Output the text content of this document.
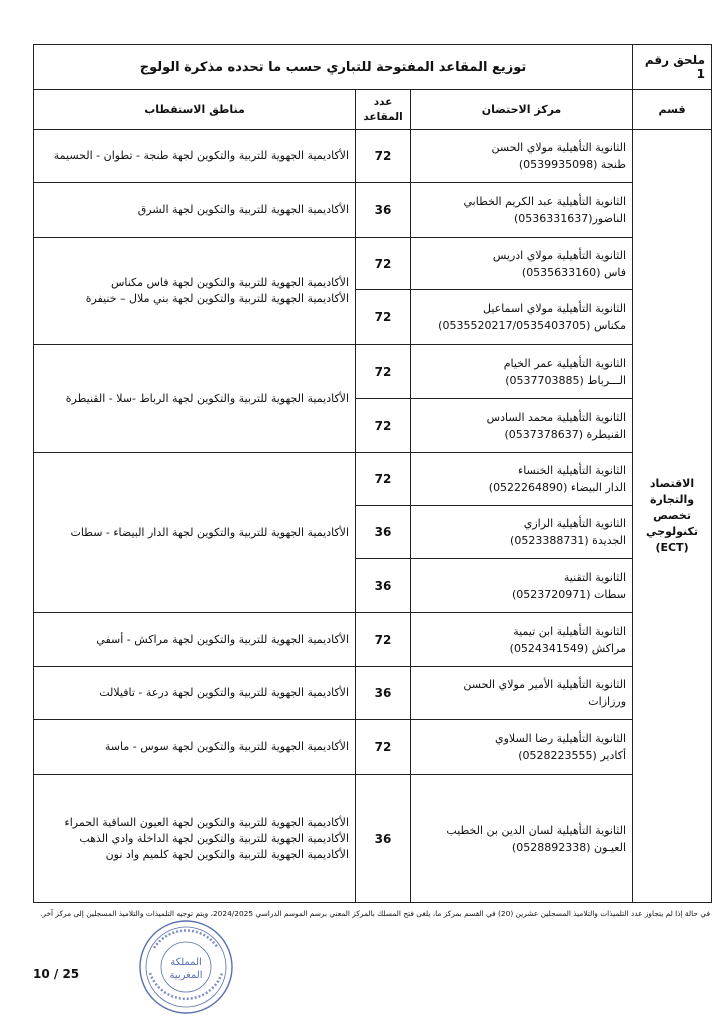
ملحق رقم 1	توزيع المقاعد المفتوحة للتباري حسب ما تحدده مذكرة الولوج		
قسم	مركز الاحتضان	عدد
المقاعد	مناطق الاستقطاب

الاقتصاد
والتجارة
تخصص
تكنولوجي
(ECT)	الثانوية التأهيلية مولاي الحسن
طنجة (0539935098)	72	الأكاديمية الجهوية للتربية والتكوين لجهة طنجة - تطوان - الحسيمة

	الثانوية التأهيلية عبد الكريم الخطابي
الناضور(0536331637)	36	الأكاديمية الجهوية للتربية والتكوين لجهة الشرق

	الثانوية التأهيلية مولاي ادريس
فاس (0535633160)	72	الأكاديمية الجهوية للتربية والتكوين لجهة فاس مكناس
الأكاديمية الجهوية للتربية والتكوين لجهة بني ملال – خنيفرة

	الثانوية التأهيلية مولاي اسماعيل
مكناس (0535520217/0535403705)	72	

	الثانوية التأهيلية عمر الخيام
الـــرباط (0537703885)	72	الأكاديمية الجهوية للتربية والتكوين لجهة الرباط -سلا - القنيطرة

	الثانوية التأهيلية محمد السادس
القنيطرة (0537378637)	72	

	الثانوية التأهيلية الخنساء
الدار البيضاء (0522264890)	72	الأكاديمية الجهوية للتربية والتكوين لجهة الدار البيضاء - سطات

	الثانوية التأهيلية الرازي
الجديدة (0523388731)	36	

	الثانوية التقنية
سطات (0523720971)	36	

	الثانوية التأهيلية ابن تيمية
مراكش (0524341549)	72	الأكاديمية الجهوية للتربية والتكوين لجهة مراكش - أسفي

	الثانوية التأهيلية الأمير مولاي الحسن
ورزازات	36	الأكاديمية الجهوية للتربية والتكوين لجهة درعة - تافيلالت

	الثانوية التأهيلية رضا السلاوي
أكادير (0528223555)	72	الأكاديمية الجهوية للتربية والتكوين لجهة سوس - ماسة

	الثانوية التأهيلية لسان الدين بن الخطيب
العيـون (0528892338)	36	الأكاديمية الجهوية للتربية والتكوين لجهة العيون الساقية الحمراء
الأكاديمية الجهوية للتربية والتكوين لجهة الداخلة وادي الذهب
الأكاديمية الجهوية للتربية والتكوين لجهة كلميم واد نون
في حالة إذا لم يتجاوز عدد التلميذات والتلاميذ المسجلين عشرين (20) في القسم بمركز ما، يلغى فتح المسلك بالمركز المعني برسم الموسم الدراسي 2024/2025، ويتم توجيه التلميذات والتلاميذ المسجلين إلى مركز آخر.
10 / 25
المملكة
المغربية
